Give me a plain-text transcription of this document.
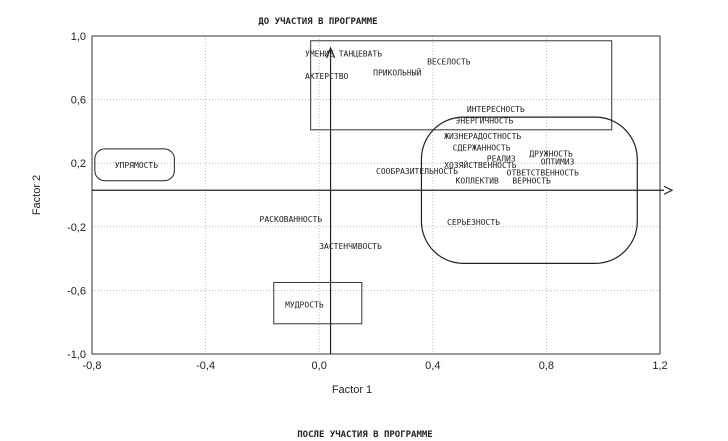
ДО УЧАСТИЯ В ПРОГРАММЕ
ПОСЛЕ УЧАСТИЯ В ПРОГРАММЕ
-0,8	-0,4	0,0	0,4	0,8	1,2
1,0
0,6
0,2
-0,2
-0,6
-1,0
УМЕНИЕ ТАНЦЕВАТЬ
ВЕСЕЛОСТЬ
ПРИКОЛЬНЫЙ
АКТЕРСТВО
ИНТЕРЕСНОСТЬ
ЭНЕРГИЧНОСТЬ
ЖИЗНЕРАДОСТНОСТЬ
СДЕРЖАННОСТЬ
ДРУЖНОСТЬ
РЕАЛИЗ	ОПТИМИЗ
ХОЗЯЙСТВЕННОСТЬ
СООБРАЗИТЕЛЬНОСТЬ	ОТВЕТСТВЕННОСТЬ
КОЛЛЕКТИВ ВЕРНОСТЬ
УПРЯМОСТЬ
РАСКОВАННОСТЬ	СЕРЬЕЗНОСТЬ
ЗАСТЕНЧИВОСТЬ
МУДРОСТЬ
Factor 1
Factor 2
